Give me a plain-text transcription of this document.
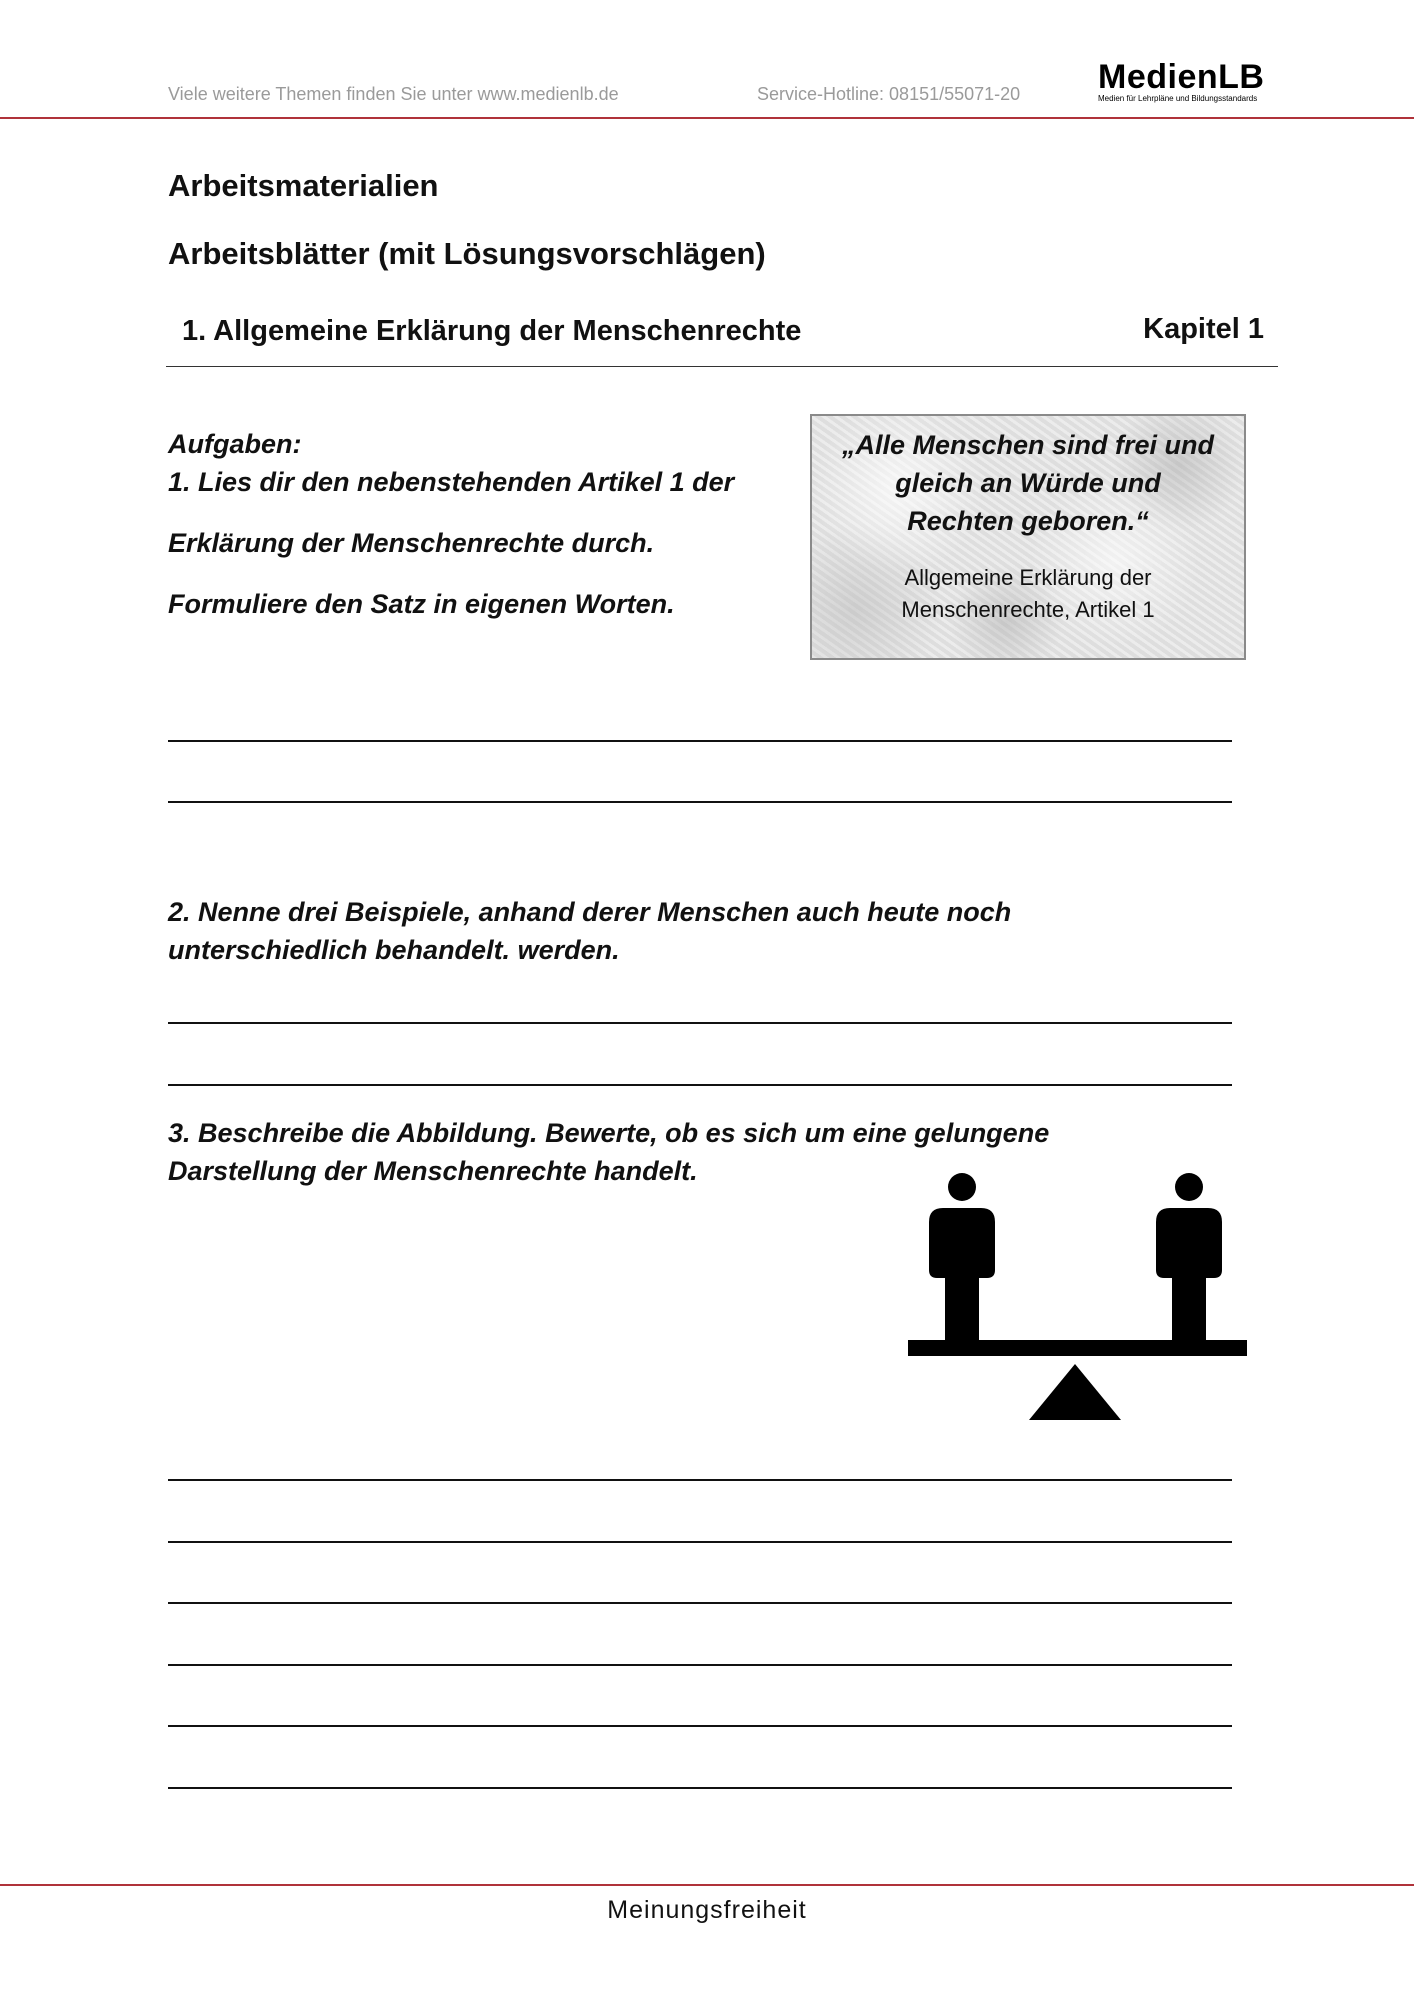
Viele weitere Themen finden Sie unter www.medienlb.de	Service-Hotline: 08151/55071-20 MedienLB
Medien für Lehrpläne und Bildungsstandards
Arbeitsmaterialien
Arbeitsblätter (mit Lösungsvorschlägen)
1. Allgemeine Erklärung der Menschenrechte	Kapitel 1
Aufgaben:
1. Lies dir den nebenstehenden Artikel 1 der
Erklärung der Menschenrechte durch.
Formuliere den Satz in eigenen Worten.
„Alle Menschen sind frei und
gleich an Würde und
Rechten geboren.“
Allgemeine Erklärung der
Menschenrechte, Artikel 1
2. Nenne drei Beispiele, anhand derer Menschen auch heute noch
unterschiedlich behandelt. werden.
3. Beschreibe die Abbildung. Bewerte, ob es sich um eine gelungene
Darstellung der Menschenrechte handelt.
Meinungsfreiheit
